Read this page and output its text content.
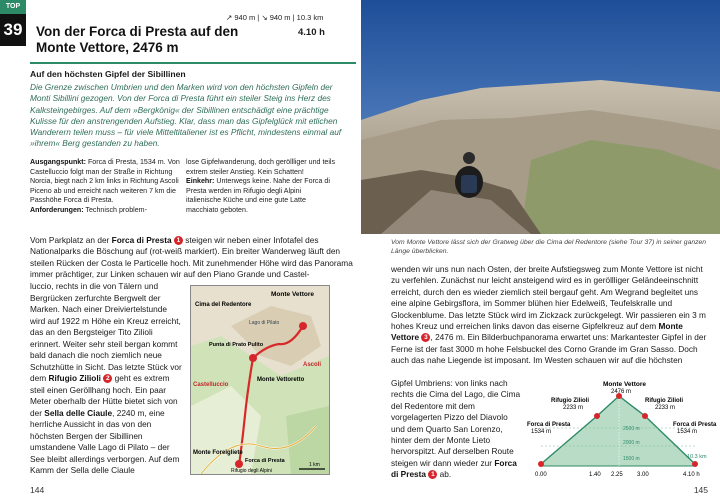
TOP
39
↗ 940 m | ↘ 940 m | 10.3 km
Von der Forca di Presta auf den Monte Vettore, 2476 m
4.10 h
Auf den höchsten Gipfel der Sibillinen
Die Grenze zwischen Umbrien und den Marken wird von den höchsten Gipfeln der Monti Sibillini gezogen. Von der Forca di Presta führt ein steiler Steig ins Herz des Kalksteingebirges. Auf dem »Bergkönig« der Sibillinen entschädigt eine prächtige Kulisse für den anstrengenden Aufstieg. Klar, dass man das Gipfelglück mit etlichen Wanderern teilen muss – für viele Mitteltitaliener ist es Pflicht, mindestens einmal auf »ihrem« Berg gestanden zu haben.
Ausgangspunkt: Forca di Presta, 1534 m. Von Castelluccio folgt man der Straße in Richtung Norcia, biegt nach 2 km links in Richtung Ascoli Piceno ab und erreicht nach weiteren 7 km die Passhöhe Forca di Presta.
Anforderungen: Technisch problem-
lose Gipfelwanderung, doch geröllliger und teils extrem steiler Anstieg. Kein Schatten!
Einkehr: Unterwegs keine. Nahe der Forca di Presta werden im Rifugio degli Alpini italienische Küche und eine gute Latte macchiato geboten.
Vom Parkplatz an der Forca di Presta 1 steigen wir neben einer Infotafel des Nationalparks die Böschung auf (rot-weiß markiert). Ein breiter Wanderweg läuft den steilen Rücken der Costa le Particelle hoch. Mit zunehmender Höhe wird das Panorama immer prächtiger, zur Linken schauen wir auf den Piano Grande und Castel-
luccio, rechts in die von Tälern und Bergrücken zerfurchte Bergwelt der Marken. Nach einer Dreiviertelstunde wird auf 1922 m Höhe ein Kreuz erreicht, das an den Bergsteiger Tito Zilioli erinnert. Weiter sehr steil bergan kommt bald danach die noch ziemlich neue Schutzhütte in Sicht. Das letzte Stück vor dem Rifugio Zilioli 2 geht es extrem steil einen Geröllhang hoch. Ein paar Meter oberhalb der Hütte bietet sich von der Sella delle Ciaule, 2240 m, eine herrliche Aussicht in das von den höchsten Bergen der Sibillinen umstandene Valle Lago di Pilato – der See bleibt allerdings verborgen. Auf dem Kamm der Sella delle Ciaule
Monte Vettore
Cima del Redentore
Lago di Pilato
Punta di Prato Pulito
Monte Vettoretto
Castelluccio
Ascoli
Monte Foreigliete
Forca di Presta
Rifugio degli Alpini
1 km
144
Vom Monte Vettore lässt sich der Gratweg über die Cima del Redentore (siehe Tour 37) in seiner ganzen Länge überblicken.
wenden wir uns nun nach Osten, der breite Aufstiegsweg zum Monte Vettore ist nicht zu verfehlen. Zunächst nur leicht ansteigend wird es in geröllliger Geländeeinschnitt erreicht, durch den es wieder ziemlich steil bergauf geht. Am Wegrand begleitet uns eine alpine Gebirgsflora, im Sommer blühen hier Edelweiß, Teufelskralle und Glockenblume. Das letzte Stück wird im Zickzack zurückgelegt. Wir passieren ein 3 m hohes Kreuz und erreichen links davon das eiserne Gipfelkreuz auf dem Monte Vettore 3 , 2476 m. Ein Bilderbuchpanorama erwartet uns: Markantester Gipfel in der Ferne ist der fast 3000 m hohe Felsbuckel des Corno Grande im Gran Sasso. Doch auch das nahe Liegende ist imposant. Im Westen schauen wir auf die höchsten
Gipfel Umbriens: von links nach rechts die Cima del Lago, die Cima del Redentore mit dem vorgelagerten Pizzo del Diavolo und dem Quarto San Lorenzo, hinter dem der Monte Lieto hervorspitzt. Auf derselben Route steigen wir dann wieder zur Forca di Presta 1 ab.
Monte Vettore
2476 m
Rifugio Zilioli
2233 m
Rifugio Zilioli
2233 m
Forca di Presta
1534 m
Forca di Presta
1534 m
2500 m
2000 m
1500 m
0.00	1.40 2.25 3.00	4.10 h
10.3 km
145
